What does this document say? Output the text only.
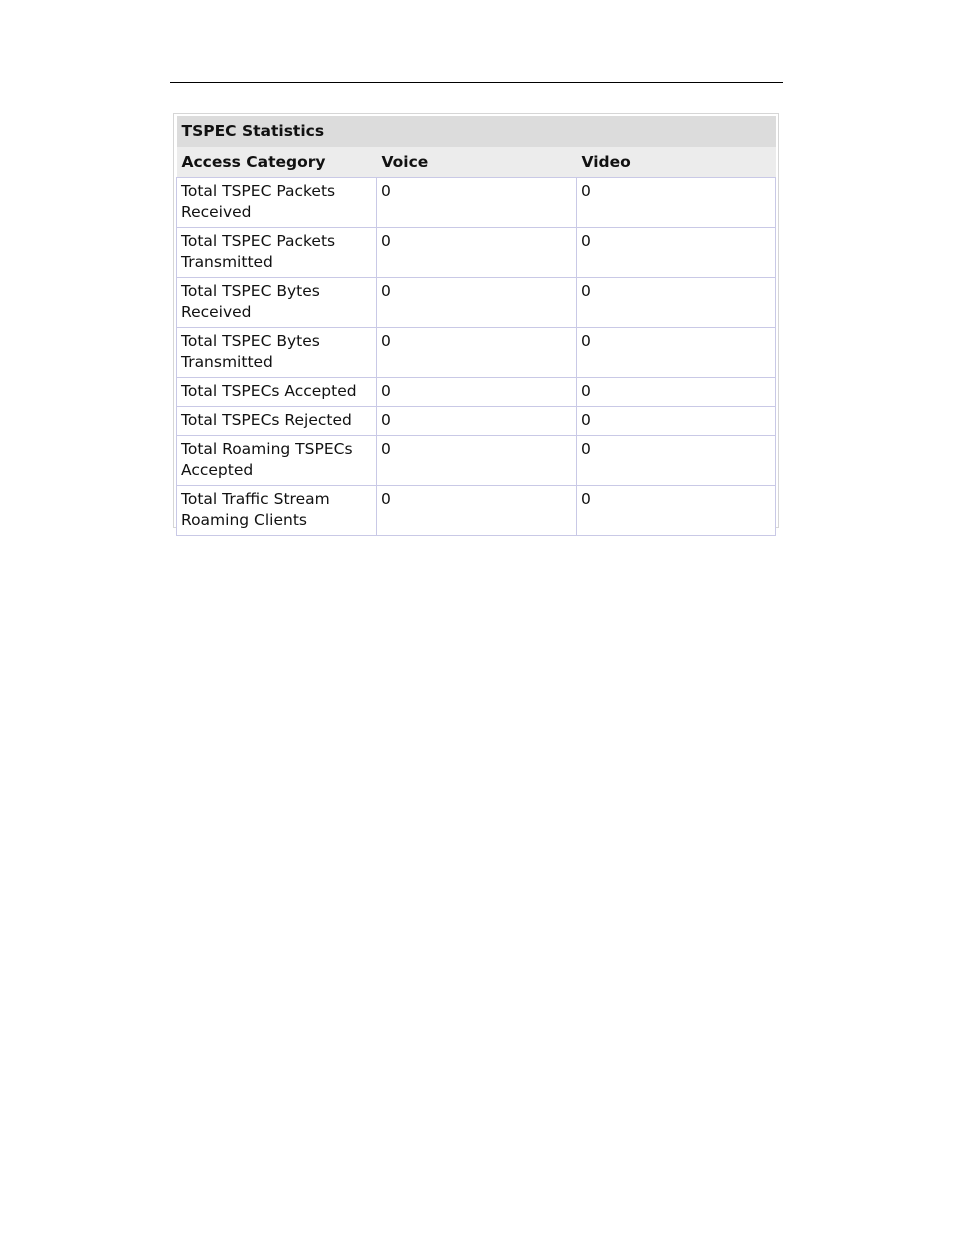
TSPEC Statistics		
Access Category	Voice	Video
Total TSPEC Packets Received	0	0
Total TSPEC Packets Transmitted	0	0
Total TSPEC Bytes Received	0	0
Total TSPEC Bytes Transmitted	0	0
Total TSPECs Accepted	0	0
Total TSPECs Rejected	0	0
Total Roaming TSPECs Accepted	0	0
Total Traffic Stream Roaming Clients	0	0
